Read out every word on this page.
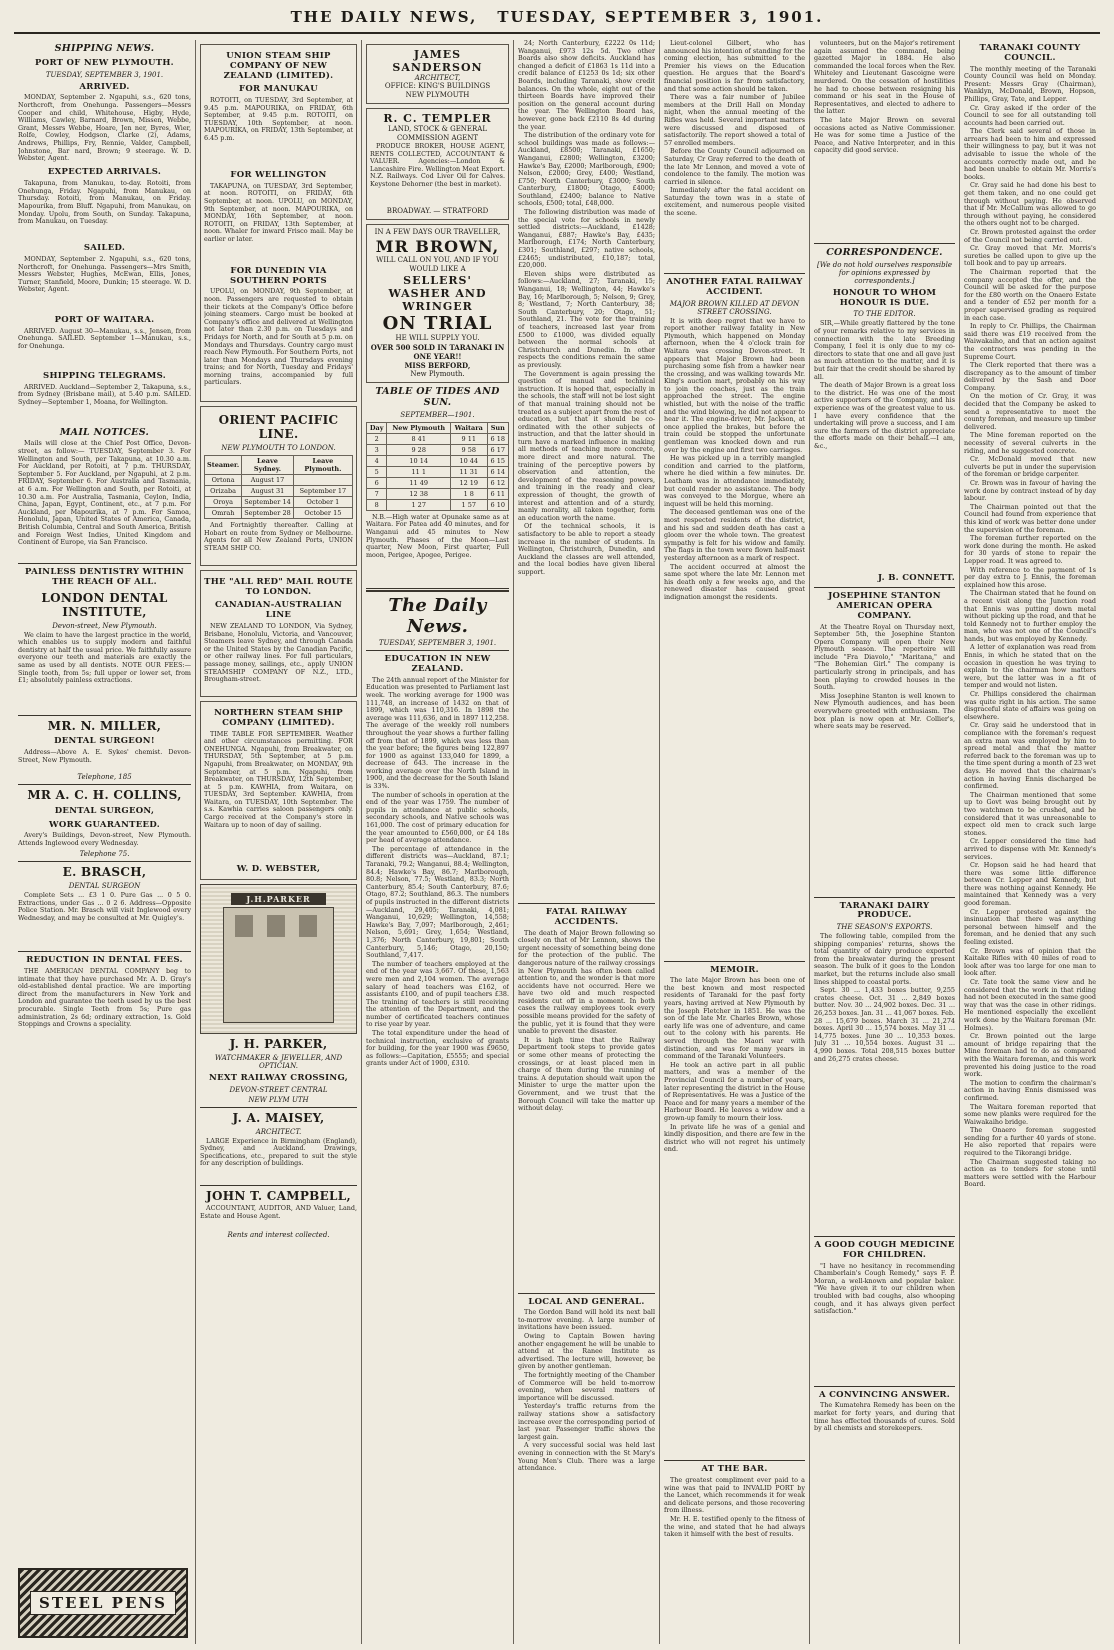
THE DAILY NEWS, TUESDAY, SEPTEMBER 3, 1901.
SHIPPING NEWS.
PORT OF NEW PLYMOUTH.
TUESDAY, SEPTEMBER 3, 1901.
ARRIVED.

MONDAY, September 2. Ngapuhi, s.s., 620 tons, Northcroft, from Onehunga. Passengers—Messrs Cooper and child, Whitehouse, Higby, Hyde, Williams, Cawley, Barnard, Brown, Missen, Webbe, Grant, Messrs Webbe, Hoare, Jen ner, Byres, Wier, Rolfe, Cowley, Hodgson, Clarke (2), Adams, Andrews, Phillips, Fry, Rennie, Valder, Campbell, Johnstone, Bar nard, Brown; 9 steerage. W. D. Webster, Agent.

EXPECTED ARRIVALS.

Takapuna, from Manukau, to-day. Rotoiti, from Onehunga, Friday. Ngapuhi, from Manukau, on Thursday. Rotoiti, from Manukau, on Friday. Mapourika, from Bluff. Ngapuhi, from Manukau, on Monday. Upolu, from South, on Sunday. Takapuna, from Manukau, on Tuesday.

SAILED.

MONDAY, September 2. Ngapuhi, s.s., 620 tons, Northcroft, for Onehunga. Passengers—Mrs Smith, Messrs Webster, Hughes, McEwan, Ellis, Jones, Turner, Stanfield, Moore, Dunkin; 15 steerage. W. D. Webster, Agent.

PORT OF WAITARA.

ARRIVED. August 30—Manukau, s.s., Jensen, from Onehunga. SAILED. September 1—Manukau, s.s., for Onehunga.

SHIPPING TELEGRAMS.

ARRIVED. Auckland—September 2, Takapuna, s.s., from Sydney (Brisbane mail), at 5.40 p.m. SAILED. Sydney—September 1, Moana, for Wellington.

MAIL NOTICES.

Mails will close at the Chief Post Office, Devon-street, as follow:— TUESDAY, September 3. For Wellington and South, per Takapuna, at 10.30 a.m. For Auckland, per Rotoiti, at 7 p.m. THURSDAY, September 5. For Auckland, per Ngapuhi, at 2 p.m. FRIDAY, September 6. For Australia and Tasmania, at 6 a.m. For Wellington and South, per Rotoiti, at 10.30 a.m. For Australia, Tasmania, Ceylon, India, China, Japan, Egypt, Continent, etc., at 7 p.m. For Auckland, per Mapourika, at 7 p.m. For Samoa, Honolulu, Japan, United States of America, Canada, British Columbia, Central and South America, British and Foreign West Indies, United Kingdom and Continent of Europe, via San Francisco.

PAINLESS DENTISTRY WITHIN THE REACH OF ALL.
LONDON DENTAL INSTITUTE,
Devon-street, New Plymouth.

We claim to have the largest practice in the world, which enables us to supply modern and faithful dentistry at half the usual price. We faithfully assure everyone our teeth and materials are exactly the same as used by all dentists. NOTE OUR FEES:—Single tooth, from 5s; full upper or lower set, from £1; absolutely painless extractions.

MR. N. MILLER,
DENTAL SURGEON!

Address—Above A. E. Sykes' chemist. Devon-Street, New Plymouth.

Telephone, 185
MR A. C. H. COLLINS,
DENTAL SURGEON,
WORK GUARANTEED.

Avery's Buildings, Devon-street, New Plymouth. Attends Inglewood every Wednesday.

Telephone 75.
E. BRASCH,
DENTAL SURGEON

Complete Sets ... £3 1 0. Pure Gas ... 0 5 0. Extractions, under Gas ... 0 2 6. Address—Opposite Police Station. Mr. Brasch will visit Inglewood every Wednesday, and may be consulted at Mr. Quigley's.

REDUCTION IN DENTAL FEES.

THE AMERICAN DENTAL COMPANY beg to intimate that they have purchased Mr. A. D. Gray's old-established dental practice. We are importing direct from the manufacturers in New York and London and guarantee the teeth used by us the best procurable. Single Teeth from 5s; Pure gas administration, 2s 6d; ordinary extraction, 1s. Gold Stoppings and Crowns a speciality.

STEEL PENS
UNION STEAM SHIP COMPANY OF NEW ZEALAND (LIMITED).
FOR MANUKAU

ROTOITI, on TUESDAY, 3rd September, at 9.45 p.m. MAPOURIKA, on FRIDAY, 6th September, at 9.45 p.m. ROTOITI, on TUESDAY, 10th September, at noon. MAPOURIKA, on FRIDAY, 13th September, at 6.45 p.m.

FOR WELLINGTON

TAKAPUNA, on TUESDAY, 3rd September, at noon. ROTOITI, on FRIDAY, 6th September, at noon. UPOLU, on MONDAY, 9th September, at noon. MAPOURIKA, on MONDAY, 16th September, at noon. ROTOITI, on FRIDAY, 13th September, at noon. Whaler for inward Frisco mail. May be earlier or later.

FOR DUNEDIN VIA SOUTHERN PORTS

UPOLU, on MONDAY, 9th September, at noon. Passengers are requested to obtain their tickets at the Company's Office before joining steamers. Cargo must be booked at Company's office and delivered at Wellington not later than 2.30 p.m. on Tuesdays and Fridays for North, and for South at 5 p.m. on Mondays and Thursdays. Country cargo must reach New Plymouth. For Southern Ports, not later than Mondays and Thursdays evening trains; and for North, Tuesday and Fridays' morning trains, accompanied by full particulars.

ORIENT PACIFIC LINE.
NEW PLYMOUTH TO LONDON.
Steamer.	Leave Sydney.	Leave Plymouth.
Ortona	August 17	
Orizaba	August 31	September 17
Oroya	September 14	October 1
Omrah	September 28	October 15

And Fortnightly thereafter. Calling at Hobart en route from Sydney or Melbourne. Agents for all New Zealand Ports, UNION STEAM SHIP CO.

THE "ALL RED" MAIL ROUTE TO LONDON.
CANADIAN-AUSTRALIAN LINE

NEW ZEALAND TO LONDON, Via Sydney, Brisbane, Honolulu, Victoria, and Vancouver, Steamers leave Sydney, and through Canada or the United States by the Canadian Pacific, or other railway lines. For full particulars, passage money, sailings, etc., apply UNION STEAMSHIP COMPANY OF N.Z., LTD., Brougham-street.

NORTHERN STEAM SHIP COMPANY (LIMITED).

TIME TABLE FOR SEPTEMBER. Weather and other circumstances permitting. FOR ONEHUNGA. Ngapuhi, from Breakwater, on THURSDAY, 5th September, at 5 p.m. Ngapuhi, from Breakwater, on MONDAY, 9th September, at 5 p.m. Ngapuhi, from Breakwater, on THURSDAY, 12th September, at 5 p.m. KAWHIA, from Waitara, on TUESDAY, 3rd September. KAWHIA, from Waitara, on TUESDAY, 10th September. The s.s. Kawhia carries saloon passengers only. Cargo received at the Company's store in Waitara up to noon of day of sailing.

W. D. WEBSTER,
J.H.PARKER
J. H. PARKER,
WATCHMAKER & JEWELLER, AND OPTICIAN.
NEXT RAILWAY CROSSING,
DEVON-STREET CENTRAL
NEW PLYM UTH
J. A. MAISEY,
ARCHITECT.

LARGE Experience in Birmingham (England), Sydney, and Auckland. Drawings, Specifications, etc., prepared to suit the style for any description of buildings.

JOHN T. CAMPBELL,

ACCOUNTANT, AUDITOR, AND Valuer, Land, Estate and House Agent.

Rents and interest collected.
JAMES SANDERSON
ARCHITECT,
OFFICE: KING'S BUILDINGS
NEW PLYMOUTH
R. C. TEMPLER
LAND, STOCK & GENERAL COMMISSION AGENT

PRODUCE BROKER, HOUSE AGENT, RENTS COLLECTED, ACCOUNTANT & VALUER. Agencies:—London & Lancashire Fire. Wellington Meat Export. N.Z. Railways. Cod Liver Oil for Calves. Keystone Dehorner (the best in market).

BROADWAY. — STRATFORD
IN A FEW DAYS OUR TRAVELLER,
MR BROWN,
WILL CALL ON YOU, AND IF YOU WOULD LIKE A
SELLERS' WASHER AND WRINGER
ON TRIAL
HE WILL SUPPLY YOU.
OVER 500 SOLD IN TARANAKI IN ONE YEAR!!
MISS BERFORD,
New Plymouth.
TABLE OF TIDES AND SUN.
SEPTEMBER—1901.
Day	New Plymouth	Waitara	Sun
2	8 41	9 11	6 18
3	9 28	9 58	6 17
4	10 14	10 44	6 15
5	11 1	11 31	6 14
6	11 49	12 19	6 12
7	12 38	1 8	6 11
8	1 27	1 57	6 10

N.B.—High water at Opunake same as at Waitara. For Patea add 40 minutes, and for Wanganui add 45 minutes to New Plymouth. Phases of the Moon—Last quarter, New Moon, First quarter, Full moon, Perigee, Apogee, Perigee.

The Daily News.
TUESDAY, SEPTEMBER 3, 1901.
EDUCATION IN NEW ZEALAND.

The 24th annual report of the Minister for Education was presented to Parliament last week. The working average for 1900 was 111,748, an increase of 1432 on that of 1899, which was 110,316. In 1898 the average was 111,636, and in 1897 112,258. The average of the weekly roll numbers throughout the year shows a further falling off from that of 1899, which was less than the year before; the figures being 122,897 for 1900 as against 133,040 for 1899, a decrease of 643. The increase in the working average over the North Island in 1900, and the decrease for the South Island is 33%.

The number of schools in operation at the end of the year was 1759. The number of pupils in attendance at public schools, secondary schools, and Native schools was 161,000. The cost of primary education for the year amounted to £560,000, or £4 18s per head of average attendance.

The percentage of attendance in the different districts was—Auckland, 87.1; Taranaki, 79.2; Wanganui, 88.4; Wellington, 84.4; Hawke's Bay, 86.7; Marlborough, 80.8; Nelson, 77.5; Westland, 83.3; North Canterbury, 85.4; South Canterbury, 87.6; Otago, 87.2; Southland, 86.3. The numbers of pupils instructed in the different districts—Auckland, 29,405; Taranaki, 4,081; Wanganui, 10,629; Wellington, 14,558; Hawke's Bay, 7,097; Marlborough, 2,461; Nelson, 5,691; Grey, 1,654; Westland, 1,376; North Canterbury, 19,801; South Canterbury, 5,146; Otago, 20,150; Southland, 7,417.

The number of teachers employed at the end of the year was 3,667. Of these, 1,563 were men and 2,104 women. The average salary of head teachers was £162, of assistants £100, and of pupil teachers £38. The training of teachers is still receiving the attention of the Department, and the number of certificated teachers continues to rise year by year.

The total expenditure under the head of technical instruction, exclusive of grants for building, for the year 1900 was £9650, as follows:—Capitation, £5555; and special grants under Act of 1900, £310.

24; North Canterbury, £2222 0s 11d; Wanganui, £973 12s 5d. Two other Boards also show deficits. Auckland has changed a deficit of £1863 1s 11d into a credit balance of £1253 0s 1d; six other Boards, including Taranaki, show credit balances. On the whole, eight out of the thirteen Boards have improved their position on the general account during the year. The Wellington Board has, however, gone back £2110 8s 4d during the year.

The distribution of the ordinary vote for school buildings was made as follows:—Auckland, £8500; Taranaki, £1650; Wanganui, £2800; Wellington, £3200; Hawke's Bay, £2000; Marlborough, £900; Nelson, £2000; Grey, £400; Westland, £750; North Canterbury, £3000; South Canterbury, £1800; Otago, £4000; Southland, £2400; balance to Native schools, £500; total, £48,000.

The following distribution was made of the special vote for schools in newly settled districts:—Auckland, £1428; Wanganui, £887; Hawke's Bay, £435; Marlborough, £174; North Canterbury, £301; Southland, £297; native schools, £2465; undistributed, £10,187; total, £20,000.

Eleven ships were distributed as follows:—Auckland, 27; Taranaki, 15; Wanganui, 18; Wellington, 44; Hawke's Bay, 16; Marlborough, 5; Nelson, 9; Grey, 8; Westland, 7; North Canterbury, 38; South Canterbury, 20; Otago, 51; Southland, 21. The vote for the training of teachers, increased last year from £500 to £1000, was divided equally between the normal schools at Christchurch and Dunedin. In other respects the conditions remain the same as previously.

The Government is again pressing the question of manual and technical instruction. It is hoped that, especially in the schools, the staff will not be lost sight of that manual training should not be treated as a subject apart from the rest of education, but that it should be co-ordinated with the other subjects of instruction, and that the latter should in turn have a marked influence in making all methods of teaching more concrete, more direct and more natural. The training of the perceptive powers by observation and attention, the development of the reasoning powers, and training in the ready and clear expression of thought, the growth of interest and attention and of a sturdy, manly morality, all taken together, form an education worth the name.

Of the technical schools, it is satisfactory to be able to report a steady increase in the number of students. In Wellington, Christchurch, Dunedin, and Auckland the classes are well attended, and the local bodies have given liberal support.

FATAL RAILWAY ACCIDENTS.

The death of Major Brown following so closely on that of Mr Lennon, shows the urgent necessity of something being done for the protection of the public. The dangerous nature of the railway crossings in New Plymouth has often been called attention to, and the wonder is that more accidents have not occurred. Here we have two old and much respected residents cut off in a moment. In both cases the railway employees took every possible means provided for the safety of the public, yet it is found that they were unable to prevent the disaster.

It is high time that the Railway Department took steps to provide gates or some other means of protecting the crossings, or at least placed men in charge of them during the running of trains. A deputation should wait upon the Minister to urge the matter upon the Government, and we trust that the Borough Council will take the matter up without delay.

LOCAL AND GENERAL.

The Gordon Band will hold its next ball to-morrow evening. A large number of invitations have been issued.

Owing to Captain Bowen having another engagement he will be unable to attend at the Ranee Institute as advertised. The lecture will, however, be given by another gentleman.

The fortnightly meeting of the Chamber of Commerce will be held to-morrow evening, when several matters of importance will be discussed.

Yesterday's traffic returns from the railway stations show a satisfactory increase over the corresponding period of last year. Passenger traffic shows the largest gain.

A very successful social was held last evening in connection with the St Mary's Young Men's Club. There was a large attendance.

Lieut-colonel Gilbert, who has announced his intention of standing for the coming election, has submitted to the Premier his views on the Education question. He argues that the Board's financial position is far from satisfactory, and that some action should be taken.

There was a fair number of Jubilee members at the Drill Hall on Monday night, when the annual meeting of the Rifles was held. Several important matters were discussed and disposed of satisfactorily. The report showed a total of 57 enrolled members.

Before the County Council adjourned on Saturday, Cr Gray referred to the death of the late Mr Lennon, and moved a vote of condolence to the family. The motion was carried in silence.

Immediately after the fatal accident on Saturday the town was in a state of excitement, and numerous people visited the scene.

ANOTHER FATAL RAILWAY ACCIDENT.
MAJOR BROWN KILLED AT DEVON STREET CROSSING.

It is with deep regret that we have to report another railway fatality in New Plymouth, which happened on Monday afternoon, when the 4 o'clock train for Waitara was crossing Devon-street. It appears that Major Brown had been purchasing some fish from a hawker near the crossing, and was walking towards Mr. King's auction mart, probably on his way to join the coaches, just as the train approached the street. The engine whistled, but with the noise of the traffic and the wind blowing, he did not appear to hear it. The engine-driver, Mr. Jackson, at once applied the brakes, but before the train could be stopped the unfortunate gentleman was knocked down and run over by the engine and first two carriages.

He was picked up in a terribly mangled condition and carried to the platform, where he died within a few minutes. Dr. Leatham was in attendance immediately, but could render no assistance. The body was conveyed to the Morgue, where an inquest will be held this morning.

The deceased gentleman was one of the most respected residents of the district, and his sad and sudden death has cast a gloom over the whole town. The greatest sympathy is felt for his widow and family. The flags in the town were flown half-mast yesterday afternoon as a mark of respect.

The accident occurred at almost the same spot where the late Mr. Lennon met his death only a few weeks ago, and the renewed disaster has caused great indignation amongst the residents.

MEMOIR.

The late Major Brown has been one of the best known and most respected residents of Taranaki for the past forty years, having arrived at New Plymouth by the Joseph Fletcher in 1851. He was the son of the late Mr. Charles Brown, whose early life was one of adventure, and came out to the colony with his parents. He served through the Maori war with distinction, and was for many years in command of the Taranaki Volunteers.

He took an active part in all public matters, and was a member of the Provincial Council for a number of years, later representing the district in the House of Representatives. He was a Justice of the Peace and for many years a member of the Harbour Board. He leaves a widow and a grown-up family to mourn their loss.

In private life he was of a genial and kindly disposition, and there are few in the district who will not regret his untimely end.

AT THE BAR.

The greatest compliment ever paid to a wine was that paid to INVALID PORT by the Lancet, which recommends it for weak and delicate persons, and those recovering from illness.

Mr. H. E. testified openly to the fitness of the wine, and stated that he had always taken it himself with the best of results.

volunteers, but on the Major's retirement again assumed the command, being gazetted Major in 1884. He also commanded the local forces when the Rev. Whiteley and Lieutenant Gascoigne were murdered. On the cessation of hostilities he had to choose between resigning his command or his seat in the House of Representatives, and elected to adhere to the latter.

The late Major Brown on several occasions acted as Native Commissioner. He was for some time a Justice of the Peace, and Native Interpreter, and in this capacity did good service.

CORRESPONDENCE.
[We do not hold ourselves responsible for opinions expressed by correspondents.]
HONOUR TO WHOM HONOUR IS DUE.
TO THE EDITOR.

SIR,—While greatly flattered by the tone of your remarks relative to my services in connection with the late Breeding Company, I feel it is only due to my co-directors to state that one and all gave just as much attention to the matter, and it is but fair that the credit should be shared by all.

The death of Major Brown is a great loss to the district. He was one of the most active supporters of the Company, and his experience was of the greatest value to us. I have every confidence that the undertaking will prove a success, and I am sure the farmers of the district appreciate the efforts made on their behalf.—I am, &c.,

J. B. CONNETT.
JOSEPHINE STANTON AMERICAN OPERA COMPANY.

At the Theatre Royal on Thursday next, September 5th, the Josephine Stanton Opera Company will open their New Plymouth season. The repertoire will include "Fra Diavolo," "Maritana," and "The Bohemian Girl." The company is particularly strong in principals, and has been playing to crowded houses in the South.

Miss Josephine Stanton is well known to New Plymouth audiences, and has been everywhere greeted with enthusiasm. The box plan is now open at Mr. Collier's, where seats may be reserved.

TARANAKI DAIRY PRODUCE.
THE SEASON'S EXPORTS.

The following table, compiled from the shipping companies' returns, shows the total quantity of dairy produce exported from the breakwater during the present season. The bulk of it goes to the London market, but the returns include also small lines shipped to coastal ports.

Sept. 30 ... 1,433 boxes butter, 9,255 crates cheese. Oct. 31 ... 2,849 boxes butter. Nov. 30 ... 24,902 boxes. Dec. 31 ... 26,253 boxes. Jan. 31 ... 41,067 boxes. Feb. 28 ... 15,679 boxes. March 31 ... 21,274 boxes. April 30 ... 15,574 boxes. May 31 ... 14,775 boxes. June 30 ... 10,353 boxes. July 31 ... 10,554 boxes. August 31 ... 4,990 boxes. Total 208,515 boxes butter and 26,275 crates cheese.

A GOOD COUGH MEDICINE FOR CHILDREN.

"I have no hesitancy in recommending Chamberlain's Cough Remedy," says F. P. Moran, a well-known and popular baker. "We have given it to our children when troubled with bad coughs, also whooping cough, and it has always given perfect satisfaction."

A CONVINCING ANSWER.

The Kumatehra Remedy has been on the market for forty years, and during that time has effected thousands of cures. Sold by all chemists and storekeepers.

TARANAKI COUNTY COUNCIL.

The monthly meeting of the Taranaki County Council was held on Monday. Present: Messrs Gray (Chairman), Wanklyn, McDonald, Brown, Hopson, Phillips, Gray, Tate, and Lepper.

Cr. Gray asked if the order of the Council to see for all outstanding toll accounts had been carried out.

The Clerk said several of those in arrears had been to him and expressed their willingness to pay, but it was not advisable to issue the whole of the accounts correctly made out, and he had been unable to obtain Mr. Morris's books.

Cr. Gray said he had done his best to get them taken, and no one could get through without paying. He observed that if Mr. McCallum was allowed to go through without paying, he considered the others ought not to be charged.

Cr. Brown protested against the order of the Council not being carried out.

Cr. Gray moved that Mr. Morris's sureties be called upon to give up the toll book and to pay up arrears.

The Chairman reported that the company accepted the offer, and the Council will be asked for the purpose for the £80 worth on the Onaero Estate and a tender of £52 per month for a proper supervised grading as required in each case.

In reply to Cr. Phillips, the Chairman said there was £19 received from the Waiwakaiho, and that an action against the contractors was pending in the Supreme Court.

The Clerk reported that there was a discrepancy as to the amount of timber delivered by the Sash and Door Company.

On the motion of Cr. Gray, it was decided that the Company be asked to send a representative to meet the county foreman, and measure up timber delivered.

The Mine foreman reported on the necessity of several culverts in the riding, and he suggested concrete.

Cr. McDonald moved that new culverts be put in under the supervision of the foreman or bridge carpenter.

Cr. Brown was in favour of having the work done by contract instead of by day labour.

The Chairman pointed out that the Council had found from experience that this kind of work was better done under the supervision of the foreman.

The foreman further reported on the work done during the month. He asked for 30 yards of stone to repair the Lepper road. It was agreed to.

With reference to the payment of 1s per day extra to J. Ennis, the foreman explained how this arose.

The Chairman stated that he found on a recent visit along the Junction road that Ennis was putting down metal without picking up the road, and that he told Kennedy not to further employ the man, who was not one of the Council's hands, but was employed by Kennedy.

A letter of explanation was read from Ennis, in which he stated that on the occasion in question he was trying to explain to the chairman how matters were, but the latter was in a fit of temper and would not listen.

Cr. Phillips considered the chairman was quite right in his action. The same disgraceful state of affairs was going on elsewhere.

Cr. Gray said he understood that in compliance with the foreman's request an extra man was employed by him to spread metal and that the matter referred back to the foreman was up to the time spent during a month of 23 wet days. He moved that the chairman's action in having Ennis discharged be confirmed.

The Chairman mentioned that some up to Govt was being brought out by two watchmen to be crushed, and he considered that it was unreasonable to expect old men to crack such large stones.

Cr. Lepper considered the time had arrived to dispense with Mr. Kennedy's services.

Cr. Hopson said he had heard that there was some little difference between Cr. Lepper and Kennedy, but there was nothing against Kennedy. He maintained that Kennedy was a very good foreman.

Cr. Lepper protested against the insinuation that there was anything personal between himself and the foreman, and he denied that any such feeling existed.

Cr. Brown was of opinion that the Kaitake Rifles with 40 miles of road to look after was too large for one man to look after.

Cr. Tate took the same view and he considered that the work in that riding had not been executed in the same good way that was the case in other ridings. He mentioned especially the excellent work done by the Waitara foreman (Mr. Holmes).

Cr. Brown pointed out the large amount of bridge repairing that the Mine foreman had to do as compared with the Waitara foreman, and this work prevented his doing justice to the road work.

The motion to confirm the chairman's action in having Ennis dismissed was confirmed.

The Waitara foreman reported that some new planks were required for the Waiwakaiho bridge.

The Onaero foreman suggested sending for a further 40 yards of stone. He also reported that repairs were required to the Tikorangi bridge.

The Chairman suggested taking no action as to tenders for stone until matters were settled with the Harbour Board.
